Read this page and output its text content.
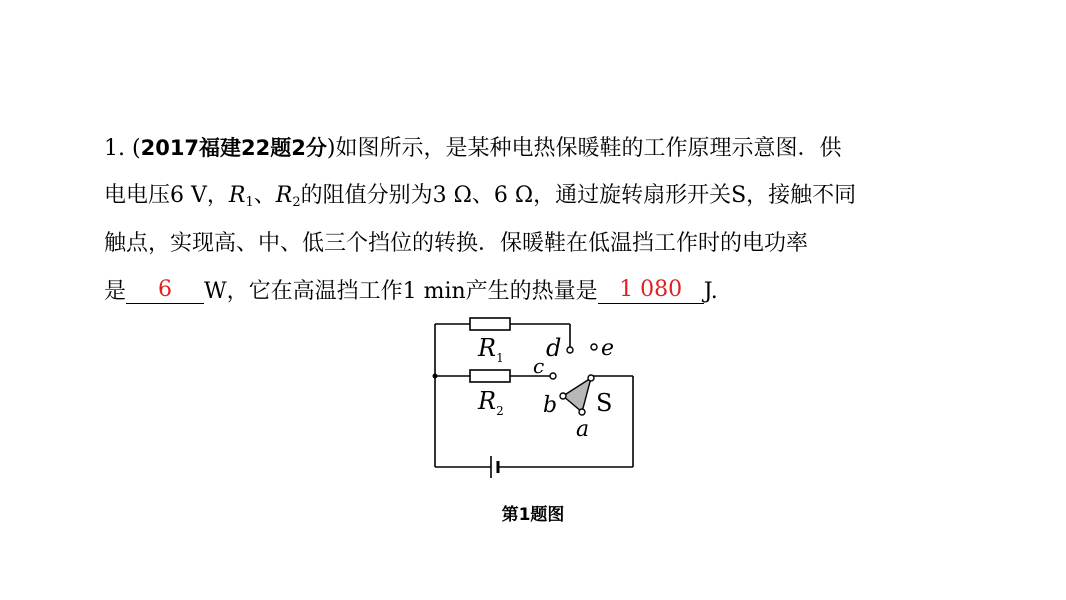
1. (2017福建22题2分)如图所示，是某种电热保暖鞋的工作原理示意图．供
电电压6 V，$R_1$、$R_2$的阻值分别为3 Ω、6 Ω，通过旋转扇形开关S，接触不同
触点，实现高、中、低三个挡位的转换．保暖鞋在低温挡工作时的电功率
是 6 W，它在高温挡工作1 min产生的热量是 1 080 J.
$R_1$
$R_2$
d e
c
b
a
S
第1题图
